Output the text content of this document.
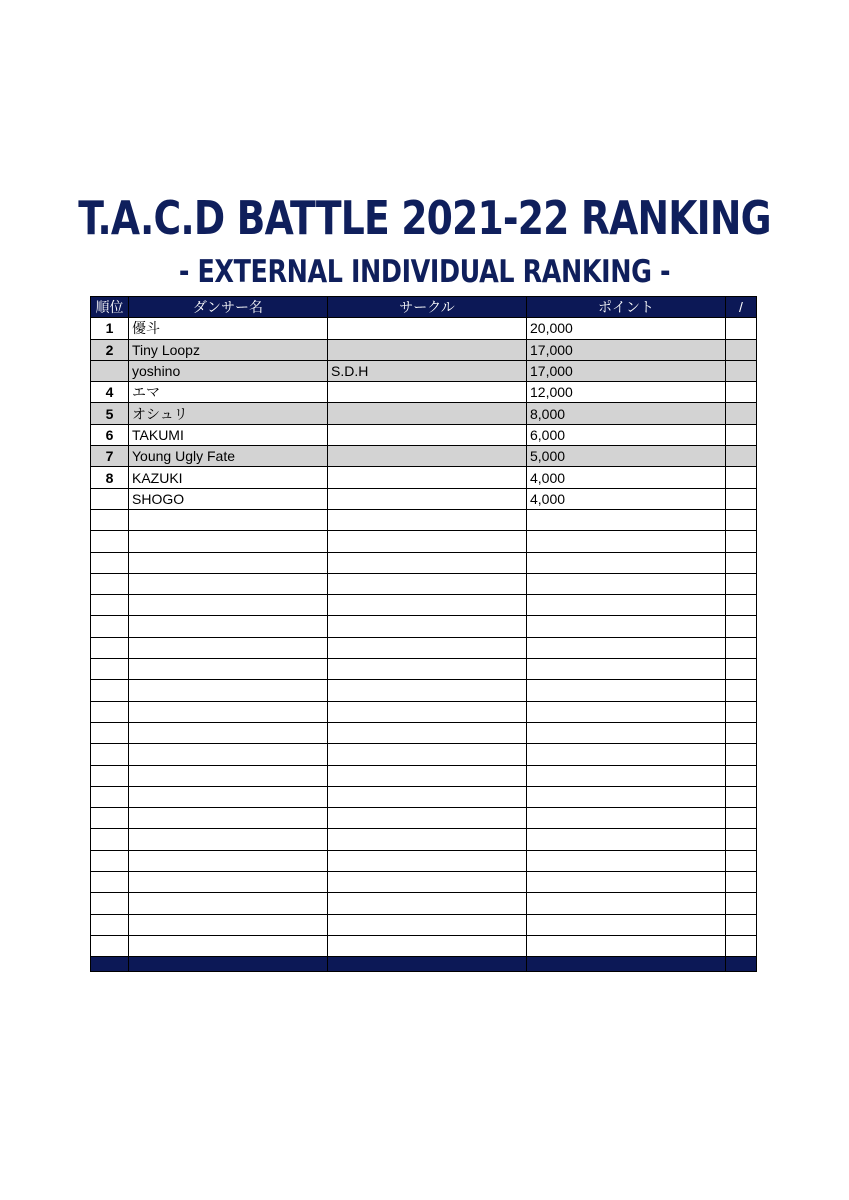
T.A.C.D BATTLE 2021-22 RANKING
- EXTERNAL INDIVIDUAL RANKING -
順位	ダンサー名	サークル	ポイント	/
1	優斗		20,000	
2	Tiny Loopz		17,000	
	yoshino	S.D.H	17,000	
4	エマ		12,000	
5	オシュリ		8,000	
6	TAKUMI		6,000	
7	Young Ugly Fate		5,000	
8	KAZUKI		4,000	
	SHOGO		4,000	
